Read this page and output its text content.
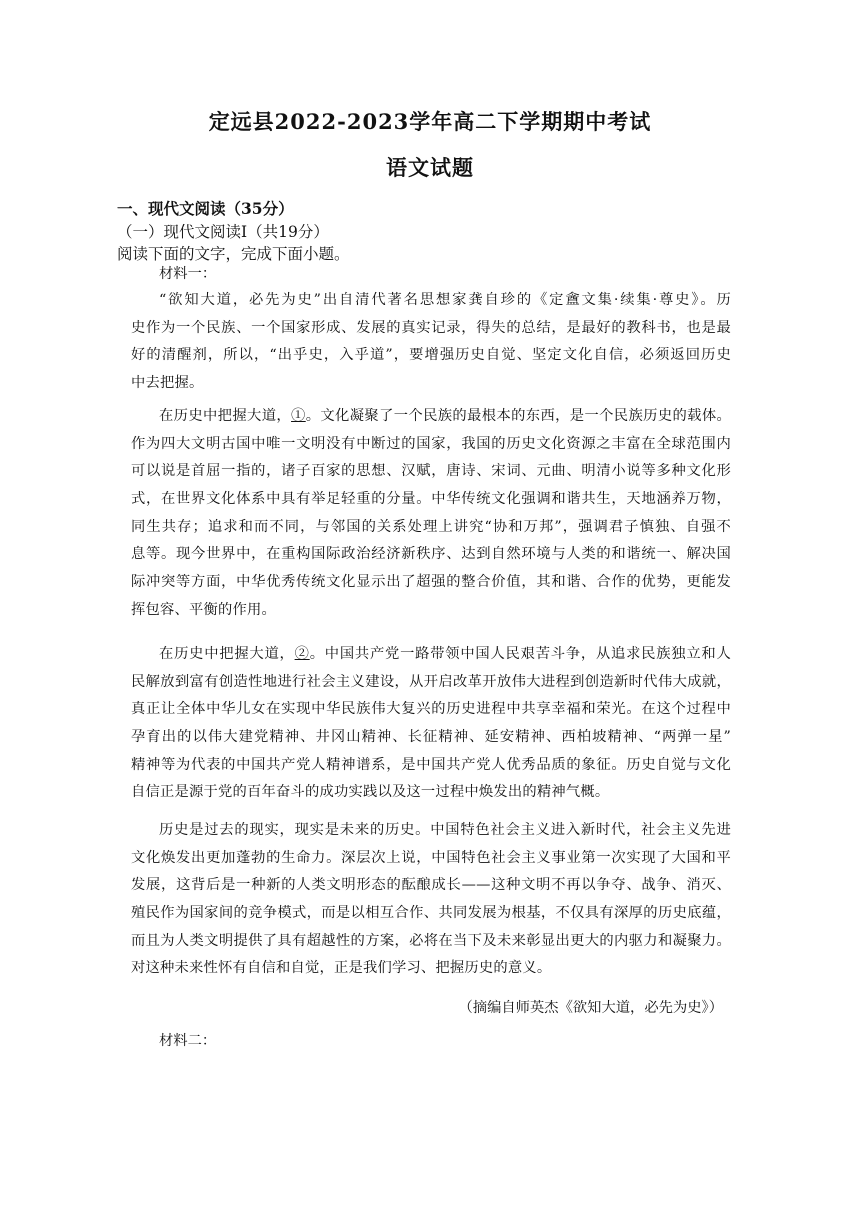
定远县2022-2023学年高二下学期期中考试
语文试题
一、现代文阅读（35分）
（一）现代文阅读Ⅰ（共19分）
阅读下面的文字，完成下面小题。
材料一：
“欲知大道，必先为史”出自清代著名思想家龚自珍的《定盦文集·续集·尊史》。历
史作为一个民族、一个国家形成、发展的真实记录，得失的总结，是最好的教科书，也是最
好的清醒剂，所以，“出乎史，入乎道”，要增强历史自觉、坚定文化自信，必须返回历史
中去把握。
在历史中把握大道，①。文化凝聚了一个民族的最根本的东西，是一个民族历史的载体。
作为四大文明古国中唯一文明没有中断过的国家，我国的历史文化资源之丰富在全球范围内
可以说是首屈一指的，诸子百家的思想、汉赋，唐诗、宋词、元曲、明清小说等多种文化形
式，在世界文化体系中具有举足轻重的分量。中华传统文化强调和谐共生，天地涵养万物，
同生共存；追求和而不同，与邻国的关系处理上讲究“协和万邦”，强调君子慎独、自强不
息等。现今世界中，在重构国际政治经济新秩序、达到自然环境与人类的和谐统一、解决国
际冲突等方面，中华优秀传统文化显示出了超强的整合价值，其和谐、合作的优势，更能发
挥包容、平衡的作用。
在历史中把握大道，②。中国共产党一路带领中国人民艰苦斗争，从追求民族独立和人
民解放到富有创造性地进行社会主义建设，从开启改革开放伟大进程到创造新时代伟大成就，
真正让全体中华儿女在实现中华民族伟大复兴的历史进程中共享幸福和荣光。在这个过程中
孕育出的以伟大建党精神、井冈山精神、长征精神、延安精神、西柏坡精神、“两弹一星”
精神等为代表的中国共产党人精神谱系，是中国共产党人优秀品质的象征。历史自觉与文化
自信正是源于党的百年奋斗的成功实践以及这一过程中焕发出的精神气概。
历史是过去的现实，现实是未来的历史。中国特色社会主义进入新时代，社会主义先进
文化焕发出更加蓬勃的生命力。深层次上说，中国特色社会主义事业第一次实现了大国和平
发展，这背后是一种新的人类文明形态的酝酿成长——这种文明不再以争夺、战争、消灭、
殖民作为国家间的竞争模式，而是以相互合作、共同发展为根基，不仅具有深厚的历史底蕴，
而且为人类文明提供了具有超越性的方案，必将在当下及未来彰显出更大的内驱力和凝聚力。
对这种未来性怀有自信和自觉，正是我们学习、把握历史的意义。
（摘编自师英杰《欲知大道，必先为史》）
材料二：
